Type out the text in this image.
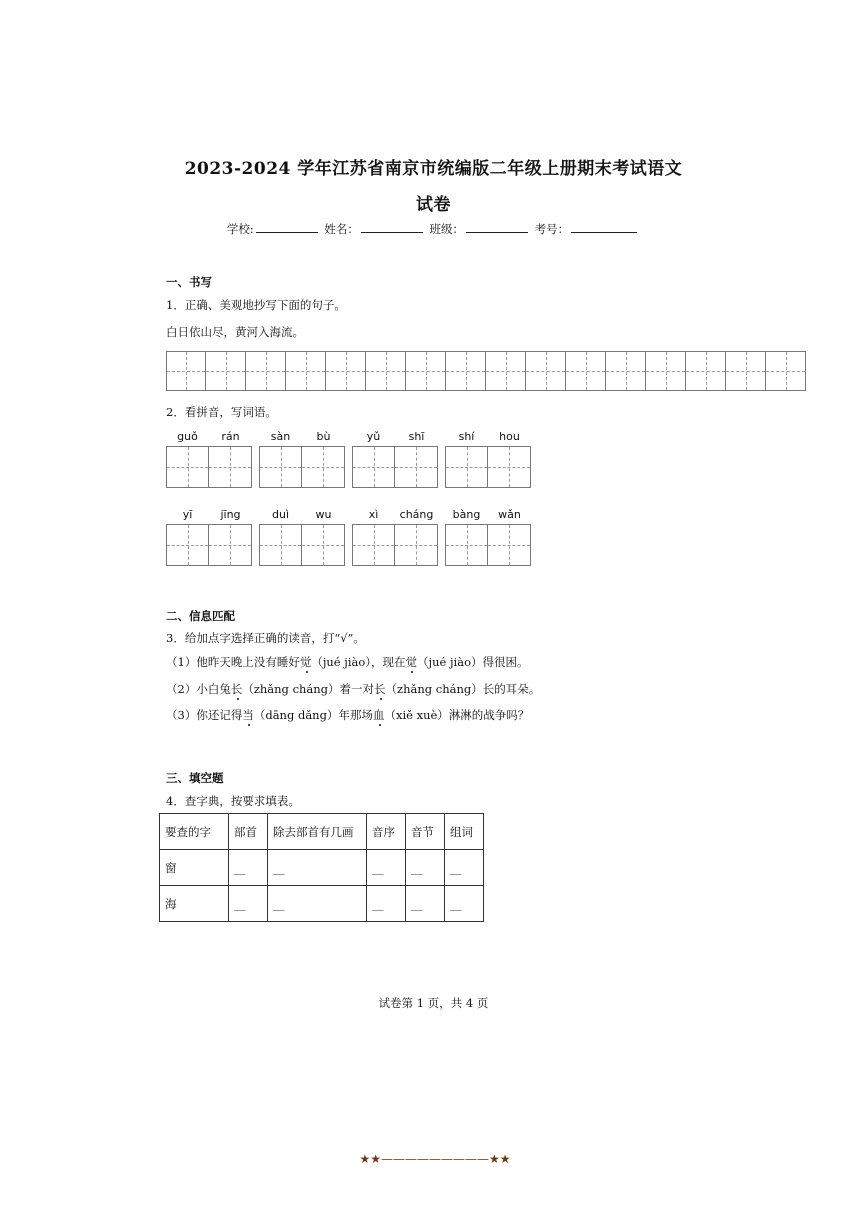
2023-2024 学年江苏省南京市统编版二年级上册期末考试语文
试卷
学校:	姓名：	班级：	考号：
一、书写
1．正确、美观地抄写下面的句子。
白日依山尽，黄河入海流。
2．看拼音，写词语。
guǒ	rán	sàn	bù	yǔ	shī	shí	hou
yī	jīng	duì	wu	xì	cháng	bàng	wǎn
二、信息匹配
3．给加点字选择正确的读音，打“√”。
（1）他昨天晚上没有睡好觉（jué jiào），现在觉（jué jiào）得很困。
（2）小白兔长（zhǎng cháng）着一对长（zhǎng cháng）长的耳朵。
（3）你还记得当（dāng dǎng）年那场血（xiě xuè）淋淋的战争吗？
三、填空题
4．查字典，按要求填表。
要查的字	部首	除去部首有几画	音序	音节	组词
窗	__	__	__	__	__
海	__	__	__	__	__
试卷第 1 页，共 4 页
★★—————————★★
